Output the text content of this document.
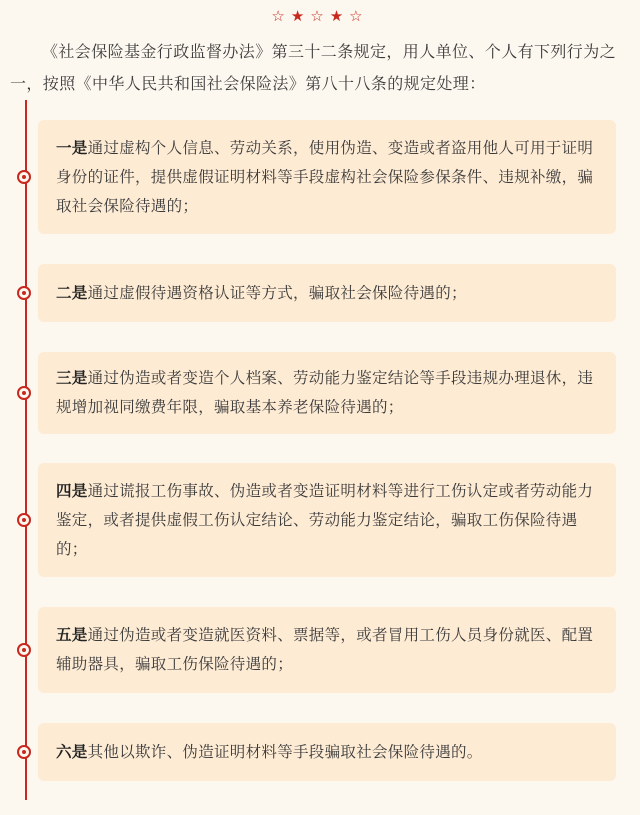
☆★☆★☆
《社会保险基金行政监督办法》第三十二条规定，用人单位、个人有下列行为之一，按照《中华人民共和国社会保险法》第八十八条的规定处理：
一是通过虚构个人信息、劳动关系，使用伪造、变造或者盗用他人可用于证明身份的证件，提供虚假证明材料等手段虚构社会保险参保条件、违规补缴，骗取社会保险待遇的；
二是通过虚假待遇资格认证等方式，骗取社会保险待遇的；
三是通过伪造或者变造个人档案、劳动能力鉴定结论等手段违规办理退休，违规增加视同缴费年限，骗取基本养老保险待遇的；
四是通过谎报工伤事故、伪造或者变造证明材料等进行工伤认定或者劳动能力鉴定，或者提供虚假工伤认定结论、劳动能力鉴定结论，骗取工伤保险待遇的；
五是通过伪造或者变造就医资料、票据等，或者冒用工伤人员身份就医、配置辅助器具，骗取工伤保险待遇的；
六是其他以欺诈、伪造证明材料等手段骗取社会保险待遇的。
